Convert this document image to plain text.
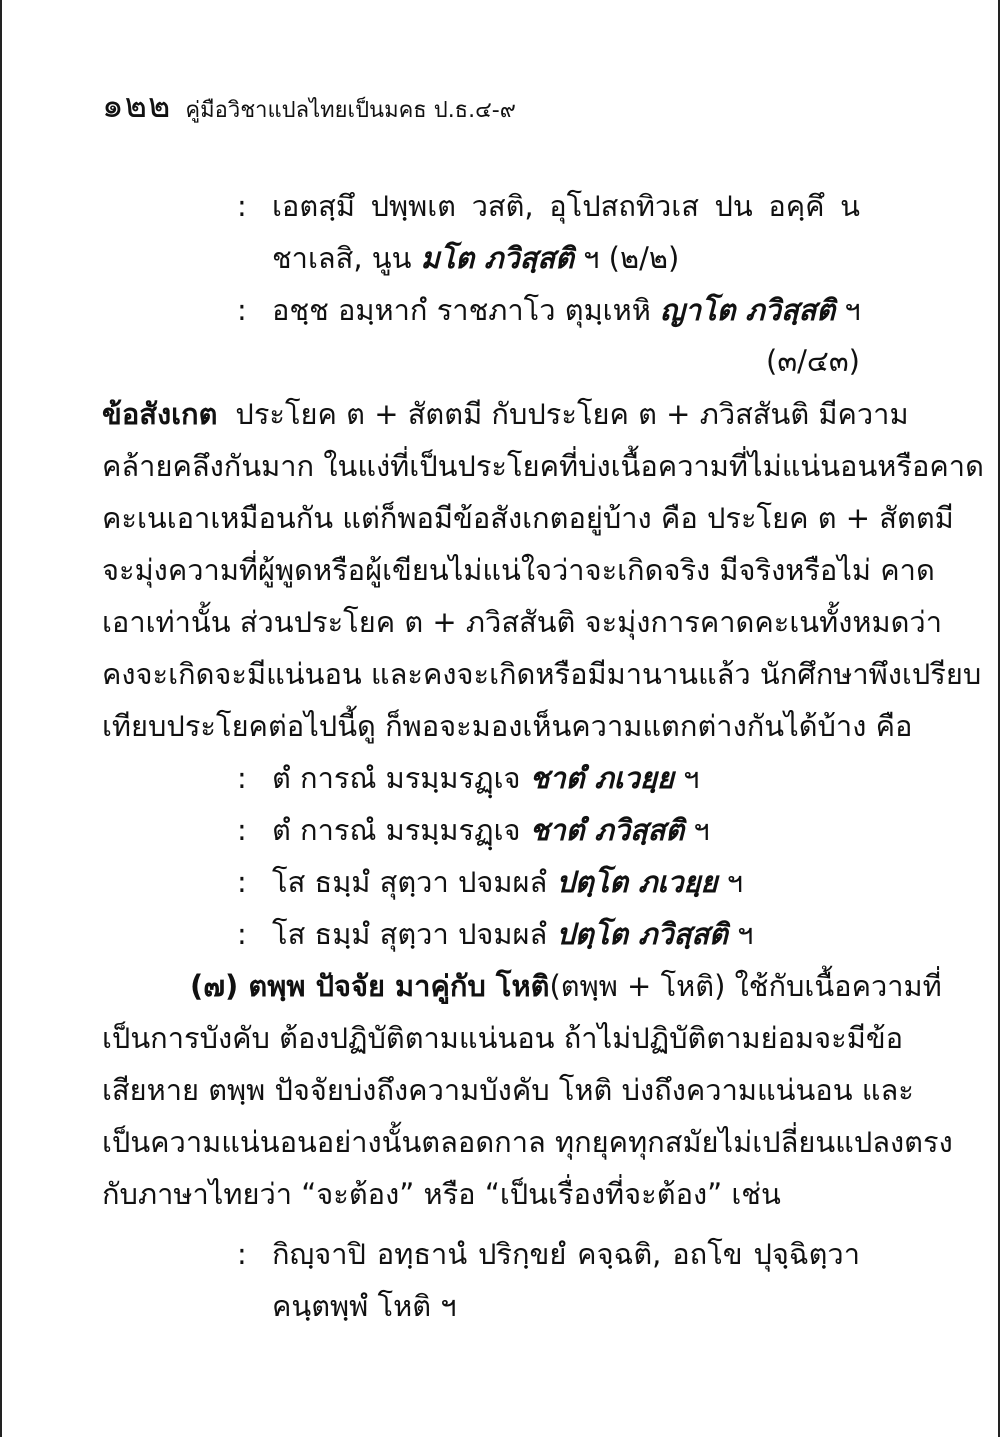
๑๒๒ คู่มือวิชาแปลไทยเป็นมคธ ป.ธ.๔-๙
: เอตสฺมึ ปพฺพเต วสติ, อุโปสถทิวเส ปน อคฺคึ น
ชาเลสิ, นูน มโต ภวิสฺสติ ฯ (๒/๒)
: อชฺช อมฺหากํ ราชภาโว ตุมฺเหหิ ญาโต ภวิสฺสติ ฯ
(๓/๔๓)
ข้อสังเกต ประโยค ต + สัตตมี กับประโยค ต + ภวิสสันติ มีความ
คล้ายคลึงกันมาก ในแง่ที่เป็นประโยคที่บ่งเนื้อความที่ไม่แน่นอนหรือคาด
คะเนเอาเหมือนกัน แต่ก็พอมีข้อสังเกตอยู่บ้าง คือ ประโยค ต + สัตตมี
จะมุ่งความที่ผู้พูดหรือผู้เขียนไม่แน่ใจว่าจะเกิดจริง มีจริงหรือไม่ คาด
เอาเท่านั้น ส่วนประโยค ต + ภวิสสันติ จะมุ่งการคาดคะเนทั้งหมดว่า
คงจะเกิดจะมีแน่นอน และคงจะเกิดหรือมีมานานแล้ว นักศึกษาพึงเปรียบ
เทียบประโยคต่อไปนี้ดู ก็พอจะมองเห็นความแตกต่างกันได้บ้าง คือ
: ตํ การณํ มรมฺมรฏฺเจ ชาตํ ภเวยฺย ฯ
: ตํ การณํ มรมฺมรฏฺเจ ชาตํ ภวิสฺสติ ฯ
: โส ธมฺมํ สุตฺวา ปจมผลํ ปตฺโต ภเวยฺย ฯ
: โส ธมฺมํ สุตฺวา ปจมผลํ ปตฺโต ภวิสฺสติ ฯ
(๗) ตพฺพ ปัจจัย มาคู่กับ โหติ (ตพฺพ + โหติ) ใช้กับเนื้อความที่
เป็นการบังคับ ต้องปฏิบัติตามแน่นอน ถ้าไม่ปฏิบัติตามย่อมจะมีข้อ
เสียหาย ตพฺพ ปัจจัยบ่งถึงความบังคับ โหติ บ่งถึงความแน่นอน และ
เป็นความแน่นอนอย่างนั้นตลอดกาล ทุกยุคทุกสมัยไม่เปลี่ยนแปลงตรง
กับภาษาไทยว่า “จะต้อง” หรือ “เป็นเรื่องที่จะต้อง” เช่น
: กิญฺจาปิ อทฺธานํ ปริกฺขยํ คจฺฉติ, อถโข ปุจฺฉิตฺวา
คนฺตพฺพํ โหติ ฯ
